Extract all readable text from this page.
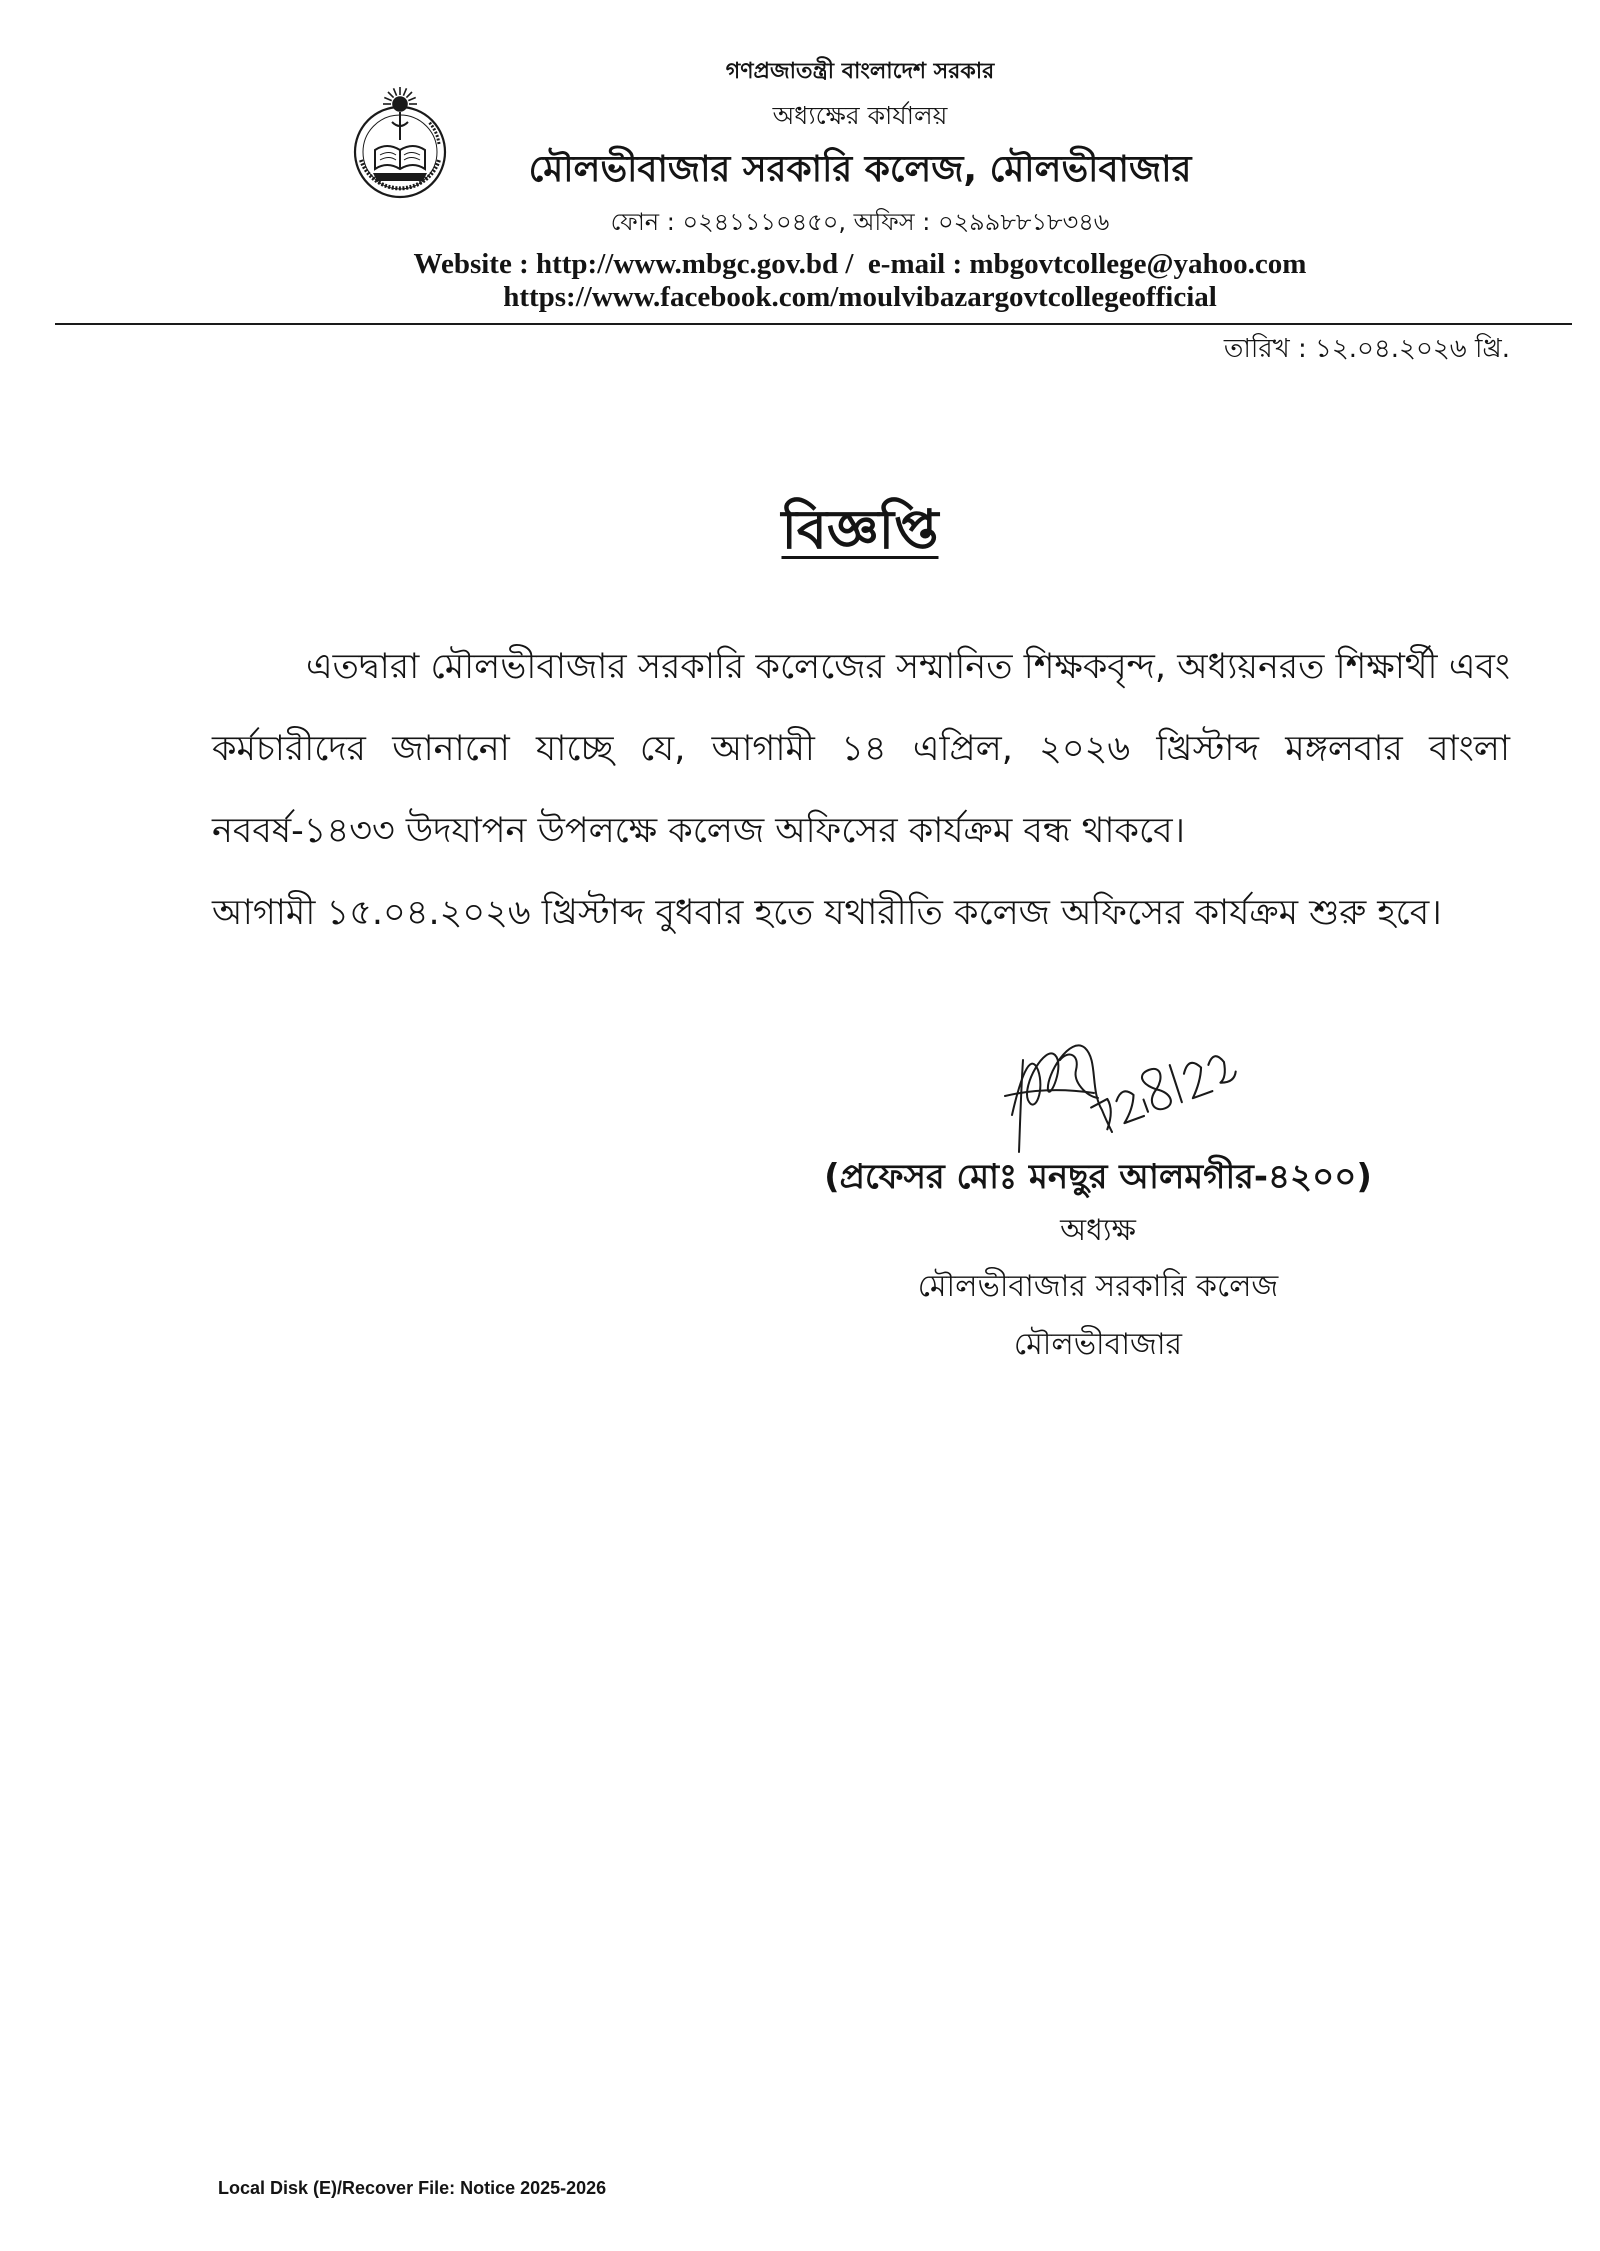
গণপ্রজাতন্ত্রী বাংলাদেশ সরকার

অধ্যক্ষের কার্যালয়

মৌলভীবাজার সরকারি কলেজ, মৌলভীবাজার

ফোন : ০২৪১১১০৪৫০, অফিস : ০২৯৯৮৮১৮৩৪৬

Website : http://www.mbgc.gov.bd /  e-mail : mbgovtcollege@yahoo.com

https://www.facebook.com/moulvibazargovtcollegeofficial

তারিখ : ১২.০৪.২০২৬ খ্রি.
বিজ্ঞপ্তি

এতদ্বারা মৌলভীবাজার সরকারি কলেজের সম্মানিত শিক্ষকবৃন্দ, অধ্যয়নরত শিক্ষার্থী এবং কর্মচারীদের জানানো যাচ্ছে যে, আগামী ১৪ এপ্রিল, ২০২৬ খ্রিস্টাব্দ মঙ্গলবার বাংলা নববর্ষ-১৪৩৩ উদযাপন উপলক্ষে কলেজ অফিসের কার্যক্রম বন্ধ থাকবে।

আগামী ১৫.০৪.২০২৬ খ্রিস্টাব্দ বুধবার হতে যথারীতি কলেজ অফিসের কার্যক্রম শুরু হবে।

(প্রফেসর মোঃ মনছুর আলমগীর-৪২০০)

অধ্যক্ষ

মৌলভীবাজার সরকারি কলেজ

মৌলভীবাজার

Local Disk (E)/Recover File: Notice 2025-2026
